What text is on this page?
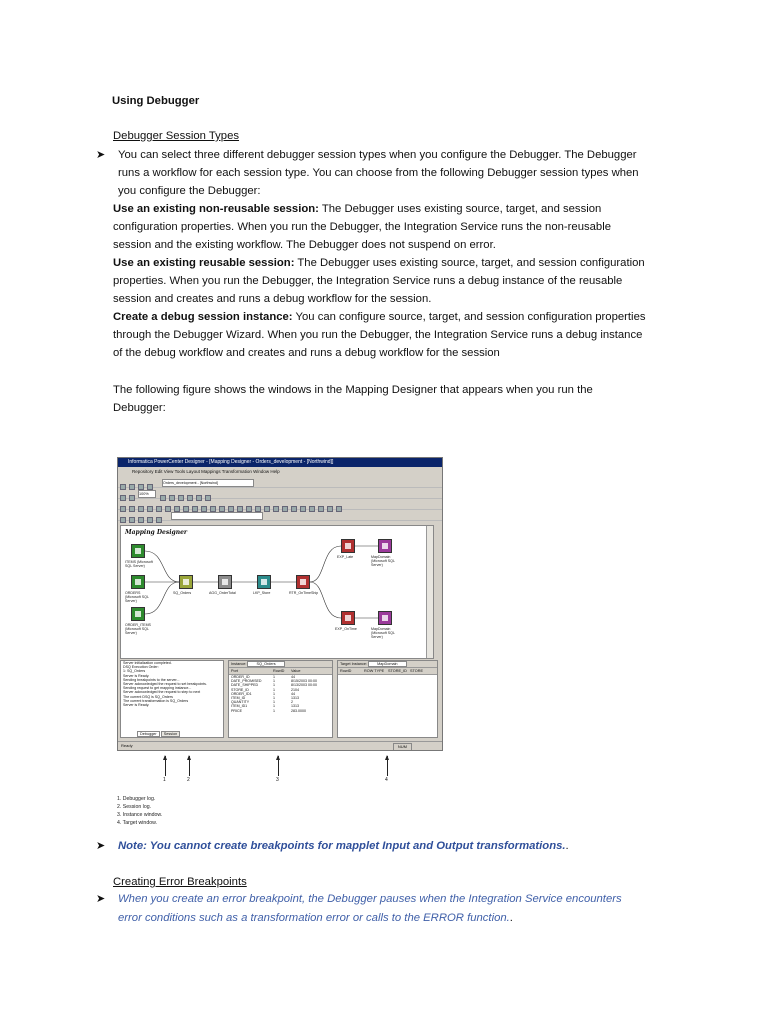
Using Debugger
Debugger Session Types
➤ You can select three different debugger session types when you configure the Debugger. The Debugger
runs a workflow for each session type. You can choose from the following Debugger session types when
you configure the Debugger:
Use an existing non-reusable session: The Debugger uses existing source, target, and session
configuration properties. When you run the Debugger, the Integration Service runs the non-reusable
session and the existing workflow. The Debugger does not suspend on error.
Use an existing reusable session: The Debugger uses existing source, target, and session configuration
properties. When you run the Debugger, the Integration Service runs a debug instance of the reusable
session and creates and runs a debug workflow for the session.
Create a debug session instance: You can configure source, target, and session configuration properties
through the Debugger Wizard. When you run the Debugger, the Integration Service runs a debug instance
of the debug workflow and creates and runs a debug workflow for the session
The following figure shows the windows in the Mapping Designer that appears when you run the
Debugger:
Informatica PowerCenter Designer - [Mapping Designer - Orders_development - [Northwind]]
Repository Edit View Tools Layout Mappings Transformation Window Help
Orders_development - [Northwind]
100%
Mapping Designer
ITEMS (Microsoft SQL Server)
ORDERS (Microsoft SQL Server)
ORDER_ITEMS (Microsoft SQL Server)
SQ_Orders	AGG_OrderTotal	LKP_Store	RTR_OnTimeShip
EXP_Late	MapDomain (Microsoft SQL Server)
EXP_OnTime	MapDomain (Microsoft SQL Server)
Server initialization completed.
DSQ Execution Order:
1: SQ_Orders
Server is Ready.
Sending breakpoints to the server...
Server acknowledged the request to set breakpoints.
Sending request to get mapping instance...
Server acknowledged the request to step to next
The current DSQ is SQ_Orders
The current transformation is SQ_Orders
Server is Ready.
Debugger Session
Instance:	SQ_Orders
Port	RowID Value
ORDER_ID	1	44
DATE_PROMISED	1	8/15/2003 00:00
DATE_SHIPPED	1	8/13/2003 00:00
STORE_ID	1	2104
ORDER_ID1	1	44
ITEM_ID	1	1313
QUANTITY	1	2
ITEM_ID1	1	1313
PRICE	1	283.0000
Target Instance:	MapDomain
RowID	ROW TYPE STORE_ID STORE
Ready	NUM
1	2	3	4
1. Debugger log.
2. Session log.
3. Instance window.
4. Target window.
➤ Note: You cannot create breakpoints for mapplet Input and Output transformations..
Creating Error Breakpoints
➤ When you create an error breakpoint, the Debugger pauses when the Integration Service encounters
error conditions such as a transformation error or calls to the ERROR function..
